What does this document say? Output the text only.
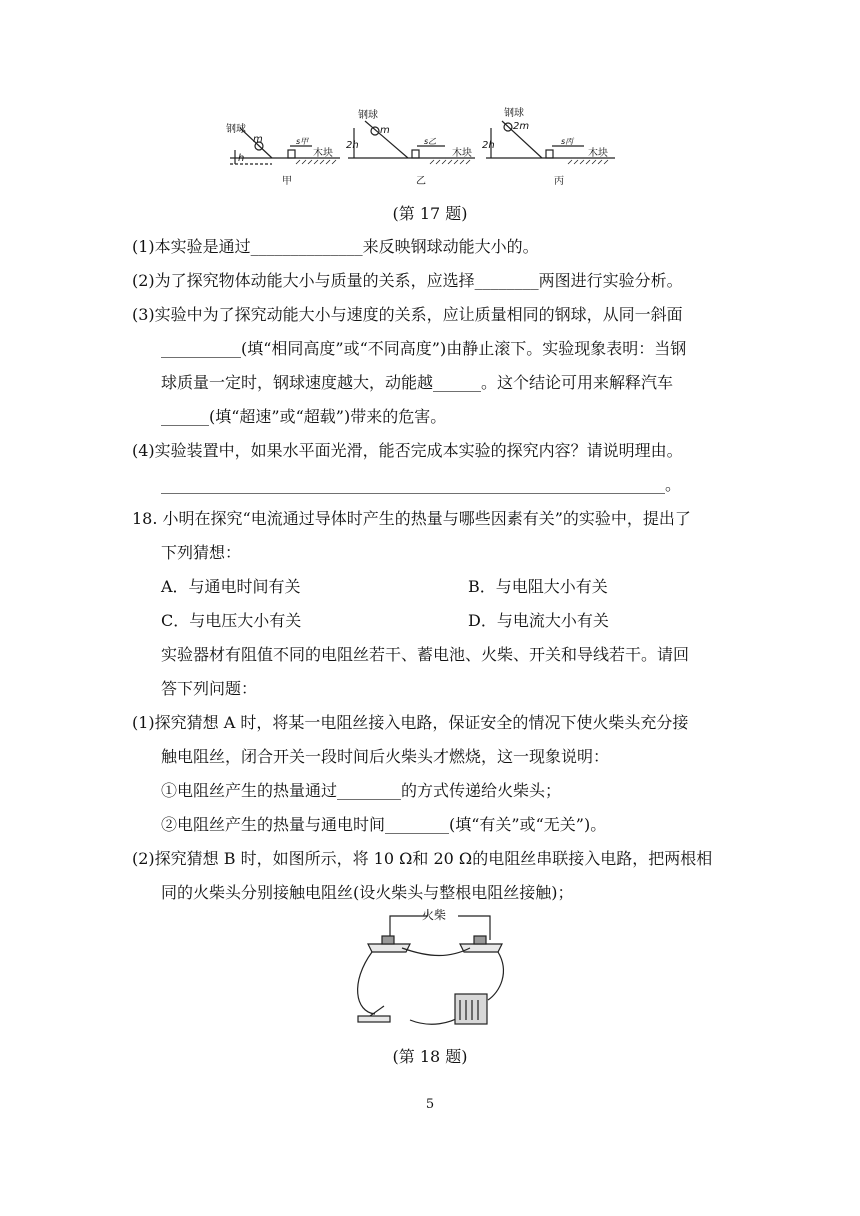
钢球
m
h
s甲
木块
甲
钢球
m
2h	s乙
木块
乙
钢球
2m
2h	s丙
木块
丙
(第 17 题)
(1)本实验是通过______________来反映钢球动能大小的。
(2)为了探究物体动能大小与质量的关系，应选择________两图进行实验分析。
(3)实验中为了探究动能大小与速度的关系，应让质量相同的钢球，从同一斜面
__________(填“相同高度”或“不同高度”)由静止滚下。实验现象表明：当钢
球质量一定时，钢球速度越大，动能越______。这个结论可用来解释汽车
______(填“超速”或“超载”)带来的危害。
(4)实验装置中，如果水平面光滑，能否完成本实验的探究内容？请说明理由。
_______________________________________________________________。
18. 小明在探究“电流通过导体时产生的热量与哪些因素有关”的实验中，提出了
下列猜想：
A．与通电时间有关	B．与电阻大小有关
C．与电压大小有关	D．与电流大小有关
实验器材有阻值不同的电阻丝若干、蓄电池、火柴、开关和导线若干。请回
答下列问题：
(1)探究猜想 A 时，将某一电阻丝接入电路，保证安全的情况下使火柴头充分接
触电阻丝，闭合开关一段时间后火柴头才燃烧，这一现象说明：
①电阻丝产生的热量通过________的方式传递给火柴头；
②电阻丝产生的热量与通电时间________(填“有关”或“无关”)。
(2)探究猜想 B 时，如图所示，将 10 Ω和 20 Ω的电阻丝串联接入电路，把两根相
同的火柴头分别接触电阻丝(设火柴头与整根电阻丝接触)；
火柴
(第 18 题)
5
